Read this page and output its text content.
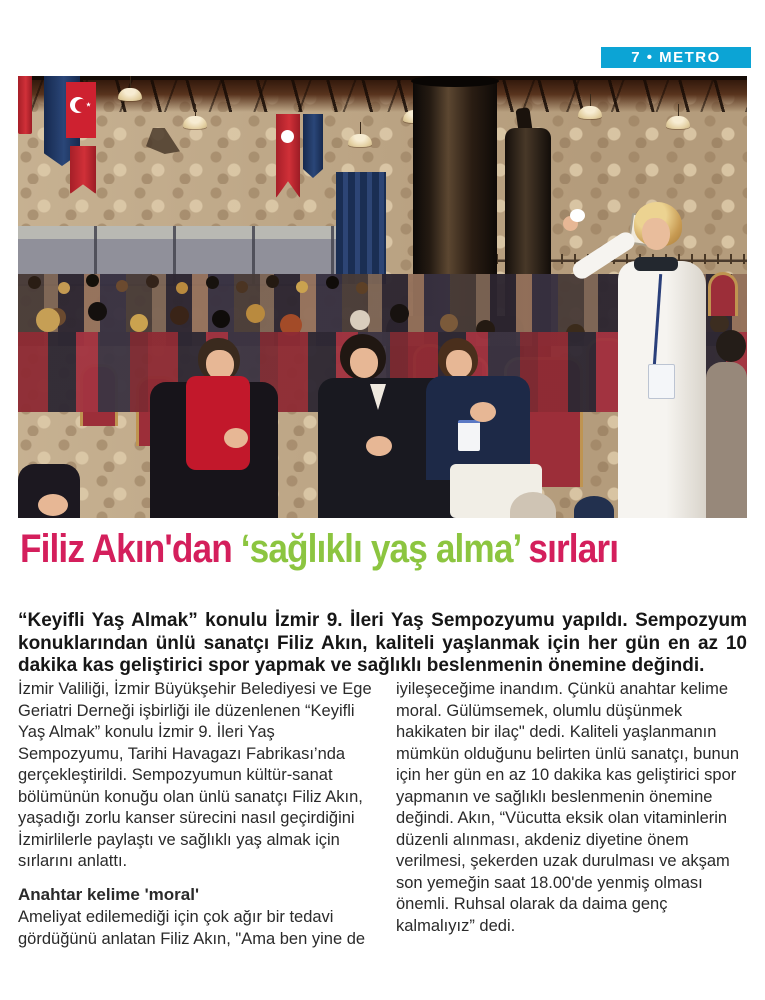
7 • METRO
Filiz Akın'dan ‘sağlıklı yaş alma’ sırları

“Keyifli Yaş Almak” konulu İzmir 9. İleri Yaş Sempozyumu yapıldı. Sempozyum konuklarından ünlü sanatçı Filiz Akın, kaliteli yaşlanmak için her gün en az 10 dakika kas geliştirici spor yapmak ve sağlıklı beslenmenin önemine değindi.

İzmir Valiliği, İzmir Büyükşehir Belediyesi ve Ege Geriatri Derneği işbirliği ile düzenlenen “Keyifli Yaş Almak” konulu İzmir 9. İleri Yaş Sempozyumu, Tarihi Havagazı Fabrikası’nda gerçekleştirildi. Sempozyumun kültür-sanat bölümünün konuğu olan ünlü sanatçı Filiz Akın, yaşadığı zorlu kanser sürecini nasıl geçirdiğini İzmirlilerle paylaştı ve sağlıklı yaş almak için sırlarını anlattı.

Anahtar kelime 'moral'

Ameliyat edilemediği için çok ağır bir tedavi gördüğünü anlatan Filiz Akın, "Ama ben yine de

iyileşeceğime inandım. Çünkü anahtar kelime moral. Gülümsemek, olumlu düşünmek hakikaten bir ilaç" dedi. Kaliteli yaşlanmanın mümkün olduğunu belirten ünlü sanatçı, bunun için her gün en az 10 dakika kas geliştirici spor yapmanın ve sağlıklı beslenmenin önemine değindi. Akın, “Vücutta eksik olan vitaminlerin düzenli alınması, akdeniz diyetine önem verilmesi, şekerden uzak durulması ve akşam son yemeğin saat 18.00'de yenmiş olması önemli. Ruhsal olarak da daima genç kalmalıyız” dedi.
